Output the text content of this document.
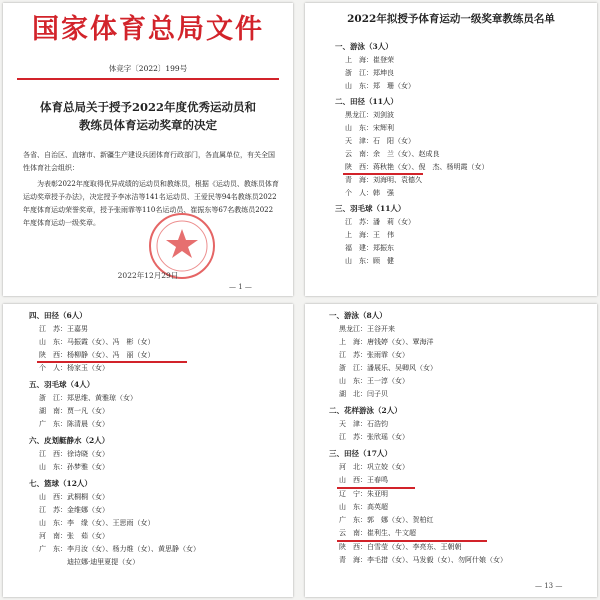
国家体育总局文件
体竞字〔2022〕199号
体育总局关于授予2022年度优秀运动员和
教练员体育运动奖章的决定

各省、自治区、直辖市、新疆生产建设兵团体育行政部门，各直属单位，有关全国性体育社会组织：

为表彰2022年度取得优异成绩的运动员和教练员，根据《运动员、教练员体育运动奖章授予办法》，决定授予李冰洁等141名运动员、王爱民等94名教练员2022年度体育运动荣誉奖章，授予张雨霏等110名运动员、崔振东等67名教练员2022年度体育运动一级奖章。

2022年12月29日
— 1 —
2022年拟授予体育运动一级奖章教练员名单
一、游泳（3人）
上　海：崔登荣
浙　江：郑坤良
山　东：郑　珊（女）
二、田径（11人）
黑龙江：刘剑波
山　东：宋辉利
天　津：石　阳（女）
云　南：余　兰（女）、赵成良
陕　西：蒋秋艳（女）、倪　杰、杨明霞（女）
青　海：刘海明、袁德久
个　人：韩　强
三、羽毛球（11人）
江　苏：潘　莉（女）
上　海：王　伟
福　建：郑振东
山　东：顾　健
四、田径（6人）
江　苏：王嘉男
山　东：马振霞（女）、冯　彬（女）
陕　西：杨柳静（女）、冯　丽（女）
个　人：杨家玉（女）
五、羽毛球（4人）
浙　江：郑思维、黄雅琼（女）
湖　南：贾一凡（女）
广　东：陈清晨（女）
六、皮划艇静水（2人）
江　西：徐诗晓（女）
山　东：孙梦雅（女）
七、篮球（12人）
山　西：武桐桐（女）
江　苏：金维娜（女）
山　东：李　缘（女）、王思雨（女）
河　南：张　茹（女）
广　东：李月汝（女）、杨力维（女）、黄思静（女）
　　　　迪拉娜·迪里夏提（女）
一、游泳（8人）
黑龙江：王谷开来
上　海：唐钱婷（女）、覃海洋
江　苏：张雨霏（女）
浙　江：潘展乐、吴卿风（女）
山　东：王一淳（女）
湖　北：闫子贝
二、花样游泳（2人）
天　津：石浩钧
江　苏：张欣瑶（女）
三、田径（17人）
河　北：巩立姣（女）
山　西：王春鸣
辽　宁：朱亚明
山　东：高英超
广　东：郭　娜（女）、贺柏红
云　南：崔利生、牛文超
陕　西：白雪莹（女）、李亮东、王朝朝
青　海：李毛措（女）、马发毅（女）、勿阿什娘（女）
— 13 —
